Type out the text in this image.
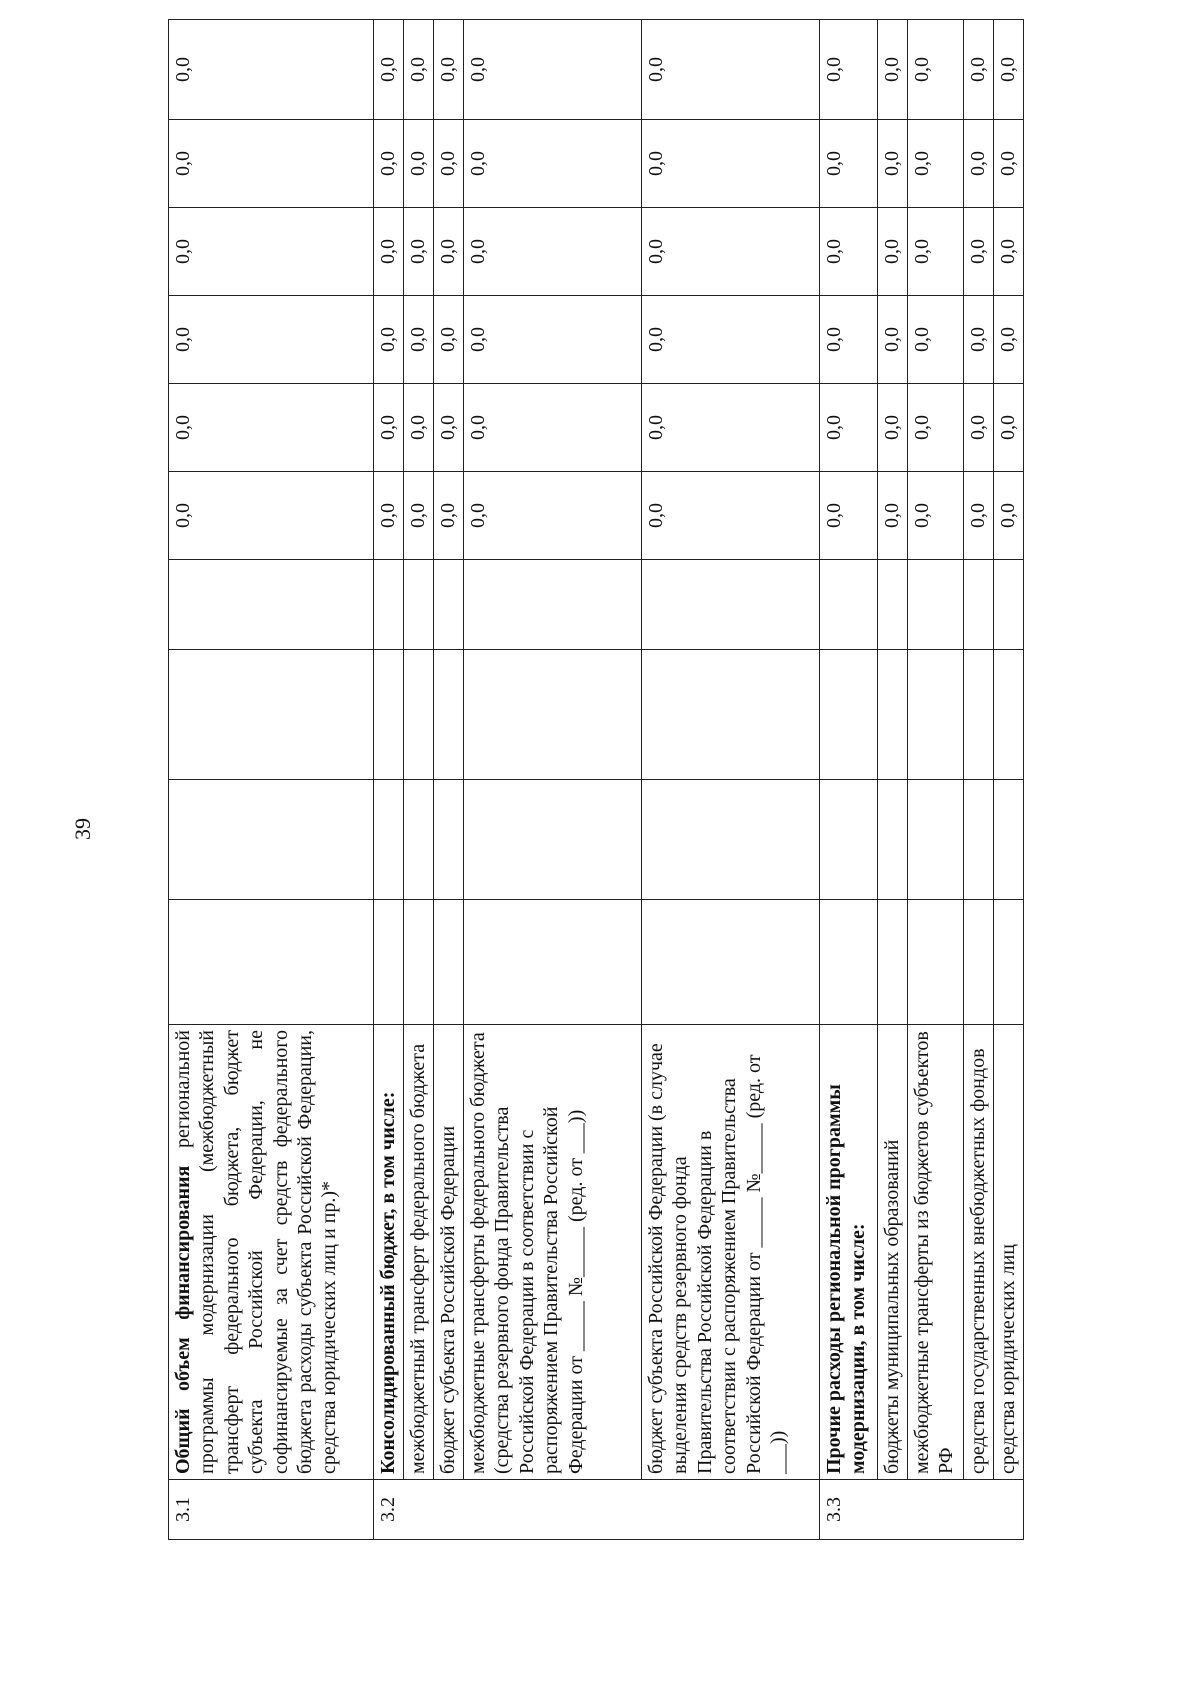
39
3.1	Общий объем финансирования региональной программы модернизации (межбюджетный трансферт федерального бюджета, бюджет субъекта Российской Федерации, не софинансируемые за счет средств федерального бюджета расходы субъекта Российской Федерации, средства юридических лиц и пр.)*					0,0	0,0	0,0	0,0	0,0	0,0
3.2	Консолидированный бюджет, в том числе:					0,0	0,0	0,0	0,0	0,0	0,0
	межбюджетный трансферт федерального бюджета					0,0	0,0	0,0	0,0	0,0	0,0
	бюджет субъекта Российской Федерации					0,0	0,0	0,0	0,0	0,0	0,0
	межбюджетные трансферты федерального бюджета (средства резервного фонда Правительства Российской Федерации в соответствии с распоряжением Правительства Российской Федерации от _____ №_____ (ред. от ___))					0,0	0,0	0,0	0,0	0,0	0,0
	бюджет субъекта Российской Федерации (в случае выделения средств резервного фонда Правительства Российской Федерации в соответствии с распоряжением Правительства Российской Федерации от _____ №_____ (ред. от ___))					0,0	0,0	0,0	0,0	0,0	0,0
3.3	Прочие расходы региональной программы модернизации, в том числе:					0,0	0,0	0,0	0,0	0,0	0,0
	бюджеты муниципальных образований					0,0	0,0	0,0	0,0	0,0	0,0
	межбюджетные трансферты из бюджетов субъектов РФ					0,0	0,0	0,0	0,0	0,0	0,0
	средства государственных внебюджетных фондов					0,0	0,0	0,0	0,0	0,0	0,0
	средства юридических лиц					0,0	0,0	0,0	0,0	0,0	0,0
